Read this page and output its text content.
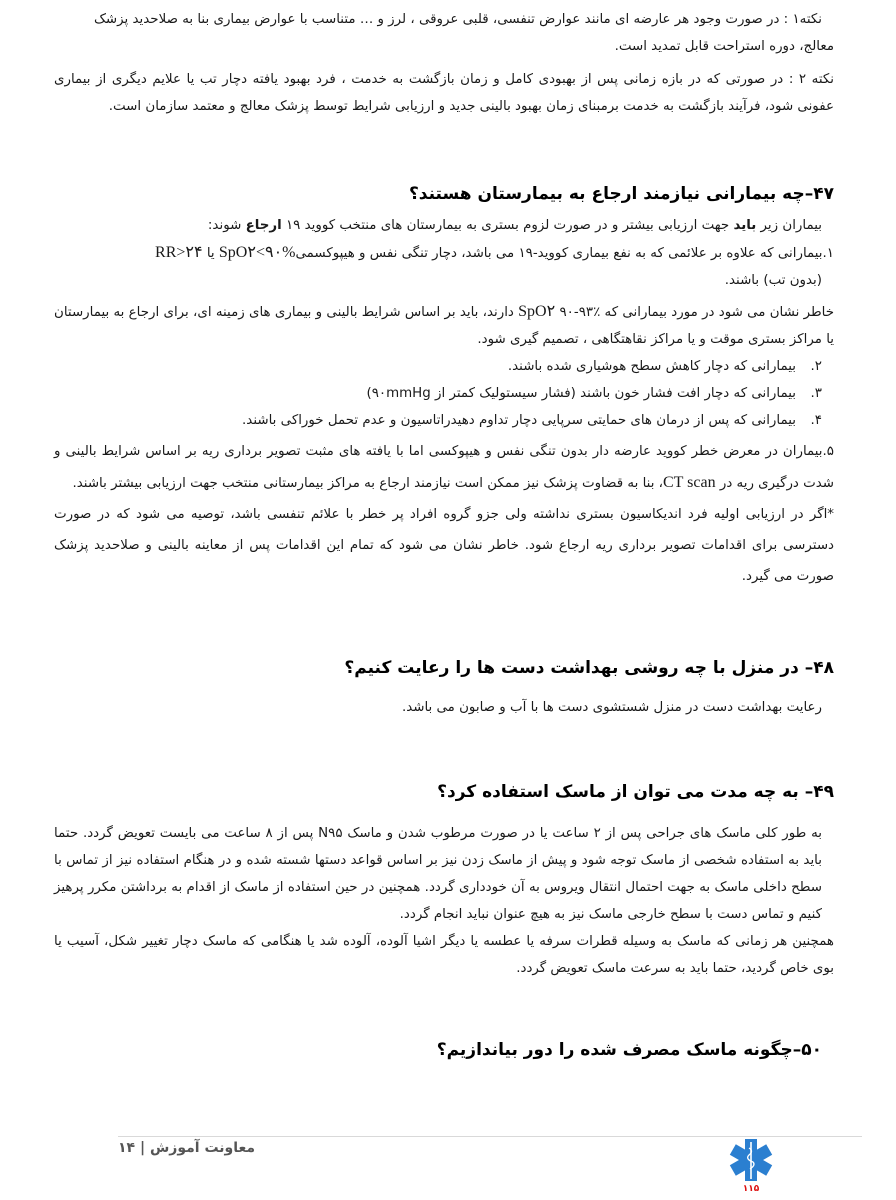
نکته۱ : در صورت وجود هر عارضه ای مانند عوارض تنفسی، قلبی عروقی ، لرز و … متناسب با عوارض بیماری بنا به صلاحدید پزشک

معالج، دوره استراحت قابل تمدید است.

نکته ۲ : در صورتی که در بازه زمانی پس از بهبودی کامل و زمان بازگشت به خدمت ، فرد بهبود یافته دچار تب یا علایم دیگری از بیماری عفونی شود، فرآیند بازگشت به خدمت برمبنای زمان بهبود بالینی جدید و ارزیابی شرایط توسط پزشک معالج و معتمد سازمان است.

۴۷–چه بیمارانی نیازمند ارجاع به بیمارستان هستند؟

بیماران زیر باید جهت ارزیابی بیشتر و در صورت لزوم بستری به بیمارستان های منتخب کووید ۱۹ ارجاع شوند:

۱.بیمارانی که علاوه بر علائمی که به نفع بیماری کووید-۱۹ می باشد، دچار تنگی نفس و هیپوکسمیSpO۲<۹۰% یا RR>۲۴

(بدون تب) باشند.

خاطر نشان می شود در مورد بیمارانی که ٪۹۳-۹۰ SpO۲ دارند، باید بر اساس شرایط بالینی و بیماری های زمینه ای، برای ارجاع به بیمارستان یا مراکز بستری موقت و یا مراکز نقاهتگاهی ، تصمیم گیری شود.

۲.
بیمارانی که دچار کاهش سطح هوشیاری شده باشند.
۳.
بیمارانی که دچار افت فشار خون باشند (فشار سیستولیک کمتر از ۹۰mmHg)
۴.
بیمارانی که پس از درمان های حمایتی سرپایی دچار تداوم دهیدراتاسیون و عدم تحمل خوراکی باشند.

۵.بیماران در معرض خطر کووید عارضه دار بدون تنگی نفس و هیپوکسی اما با یافته های مثبت تصویر برداری ریه بر اساس شرایط بالینی و شدت درگیری ریه در CT scan، بنا به قضاوت پزشک نیز ممکن است نیازمند ارجاع به مراکز بیمارستانی منتخب جهت ارزیابی بیشتر باشند.

*اگر در ارزیابی اولیه فرد اندیکاسیون بستری نداشته ولی جزو گروه افراد پر خطر با علائم تنفسی باشد، توصیه می شود که در صورت دسترسی برای اقدامات تصویر برداری ریه ارجاع شود. خاطر نشان می شود که تمام این اقدامات پس از معاینه بالینی و صلاحدید پزشک صورت می گیرد.

۴۸– در منزل با چه روشی بهداشت دست ها را رعایت کنیم؟

رعایت بهداشت دست در منزل شستشوی دست ها با آب و صابون می باشد.

۴۹– به چه مدت می توان از ماسک استفاده کرد؟

به طور کلی ماسک های جراحی پس از ۲ ساعت یا در صورت مرطوب شدن و ماسک N۹۵ پس از ۸ ساعت می بایست تعویض گردد. حتما باید به استفاده شخصی از ماسک توجه شود و پیش از ماسک زدن نیز بر اساس قواعد دستها شسته شده و در هنگام استفاده نیز از تماس با سطح داخلی ماسک به جهت احتمال انتقال ویروس به آن خودداری گردد. همچنین در حین استفاده از ماسک از اقدام به برداشتن مکرر پرهیز کنیم و تماس دست با سطح خارجی ماسک نیز به هیچ عنوان نباید انجام گردد.

همچنین هر زمانی که ماسک به وسیله قطرات سرفه یا عطسه یا دیگر اشیا آلوده، آلوده شد یا هنگامی که ماسک دچار تغییر شکل، آسیب یا بوی خاص گردید، حتما باید به سرعت ماسک تعویض گردد.

۵۰–چگونه ماسک مصرف شده را دور بیاندازیم؟
معاونت آموزش | ۱۴
۱۱۵
